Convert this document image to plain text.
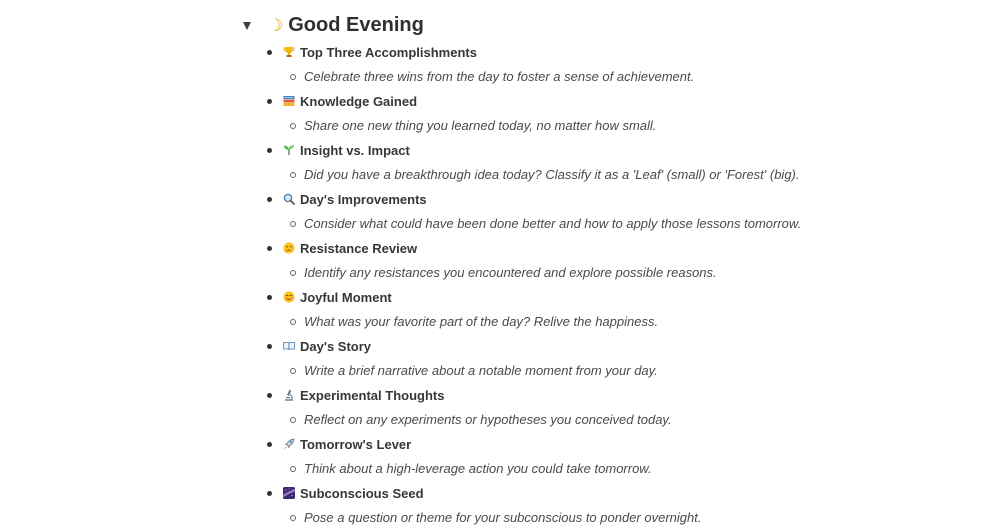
☽ Good Evening
Top Three Accomplishments
Celebrate three wins from the day to foster a sense of achievement.
Knowledge Gained
Share one new thing you learned today, no matter how small.
Insight vs. Impact
Did you have a breakthrough idea today? Classify it as a 'Leaf' (small) or 'Forest' (big).
Day's Improvements
Consider what could have been done better and how to apply those lessons tomorrow.
Resistance Review
Identify any resistances you encountered and explore possible reasons.
Joyful Moment
What was your favorite part of the day? Relive the happiness.
Day's Story
Write a brief narrative about a notable moment from your day.
Experimental Thoughts
Reflect on any experiments or hypotheses you conceived today.
Tomorrow's Lever
Think about a high-leverage action you could take tomorrow.
Subconscious Seed
Pose a question or theme for your subconscious to ponder overnight.
